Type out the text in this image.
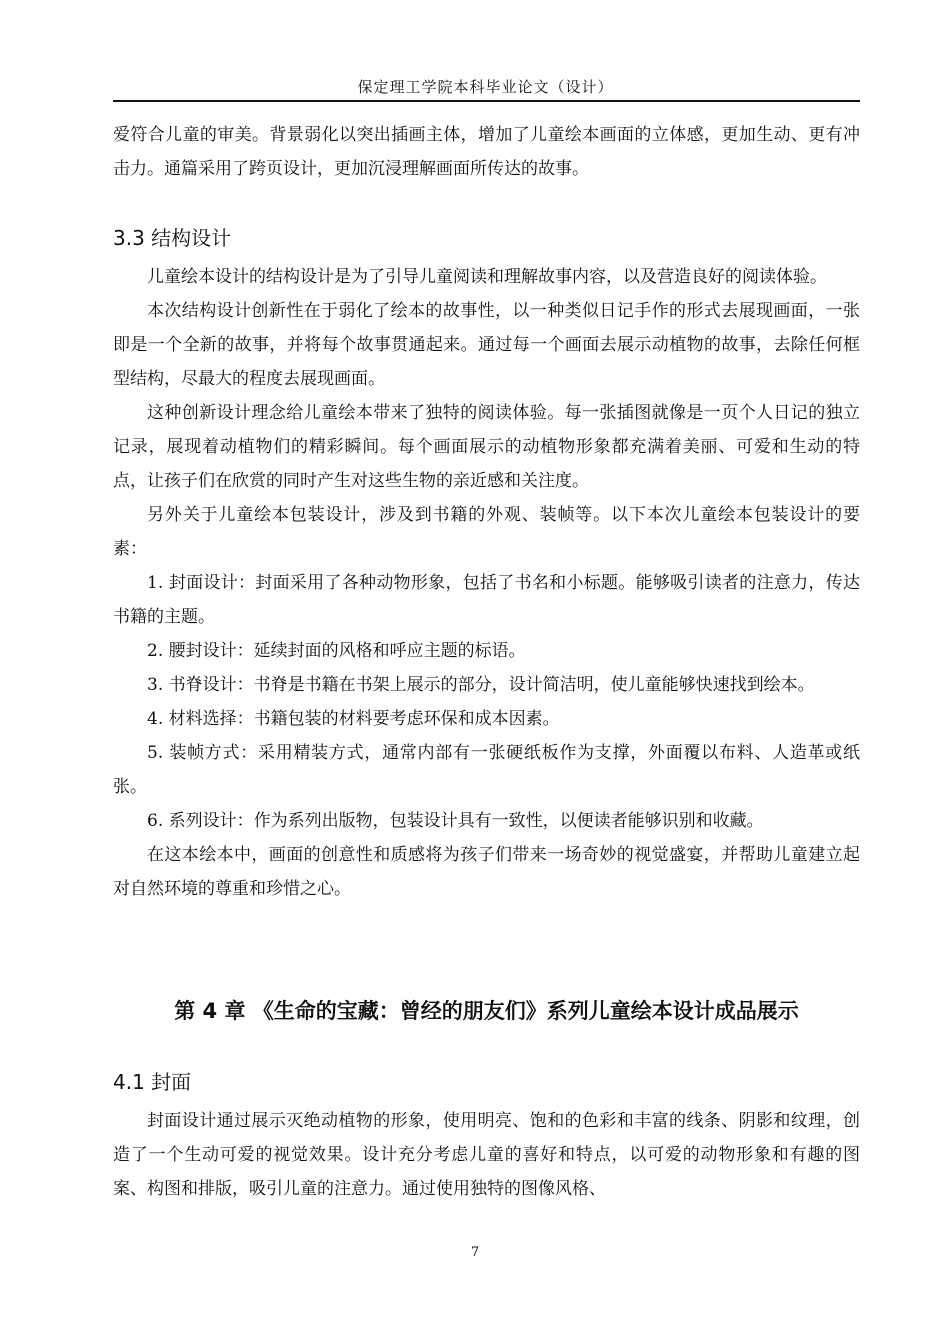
保定理工学院本科毕业论文（设计）

爱符合儿童的审美。背景弱化以突出插画主体，增加了儿童绘本画面的立体感，更加生动、更有冲击力。通篇采用了跨页设计，更加沉浸理解画面所传达的故事。

3.3 结构设计

儿童绘本设计的结构设计是为了引导儿童阅读和理解故事内容，以及营造良好的阅读体验。

本次结构设计创新性在于弱化了绘本的故事性，以一种类似日记手作的形式去展现画面，一张即是一个全新的故事，并将每个故事贯通起来。通过每一个画面去展示动植物的故事，去除任何框型结构，尽最大的程度去展现画面。

这种创新设计理念给儿童绘本带来了独特的阅读体验。每一张插图就像是一页个人日记的独立记录，展现着动植物们的精彩瞬间。每个画面展示的动植物形象都充满着美丽、可爱和生动的特点，让孩子们在欣赏的同时产生对这些生物的亲近感和关注度。

另外关于儿童绘本包装设计，涉及到书籍的外观、装帧等。以下本次儿童绘本包装设计的要素：

1. 封面设计：封面采用了各种动物形象，包括了书名和小标题。能够吸引读者的注意力，传达书籍的主题。

2. 腰封设计：延续封面的风格和呼应主题的标语。

3. 书脊设计：书脊是书籍在书架上展示的部分，设计简洁明，使儿童能够快速找到绘本。

4. 材料选择：书籍包装的材料要考虑环保和成本因素。

5. 装帧方式：采用精装方式，通常内部有一张硬纸板作为支撑，外面覆以布料、人造革或纸张。

6. 系列设计：作为系列出版物，包装设计具有一致性，以便读者能够识别和收藏。

在这本绘本中，画面的创意性和质感将为孩子们带来一场奇妙的视觉盛宴，并帮助儿童建立起对自然环境的尊重和珍惜之心。

第 4 章 《生命的宝藏：曾经的朋友们》系列儿童绘本设计成品展示
4.1 封面

封面设计通过展示灭绝动植物的形象，使用明亮、饱和的色彩和丰富的线条、阴影和纹理，创造了一个生动可爱的视觉效果。设计充分考虑儿童的喜好和特点，以可爱的动物形象和有趣的图案、构图和排版，吸引儿童的注意力。通过使用独特的图像风格、

7
